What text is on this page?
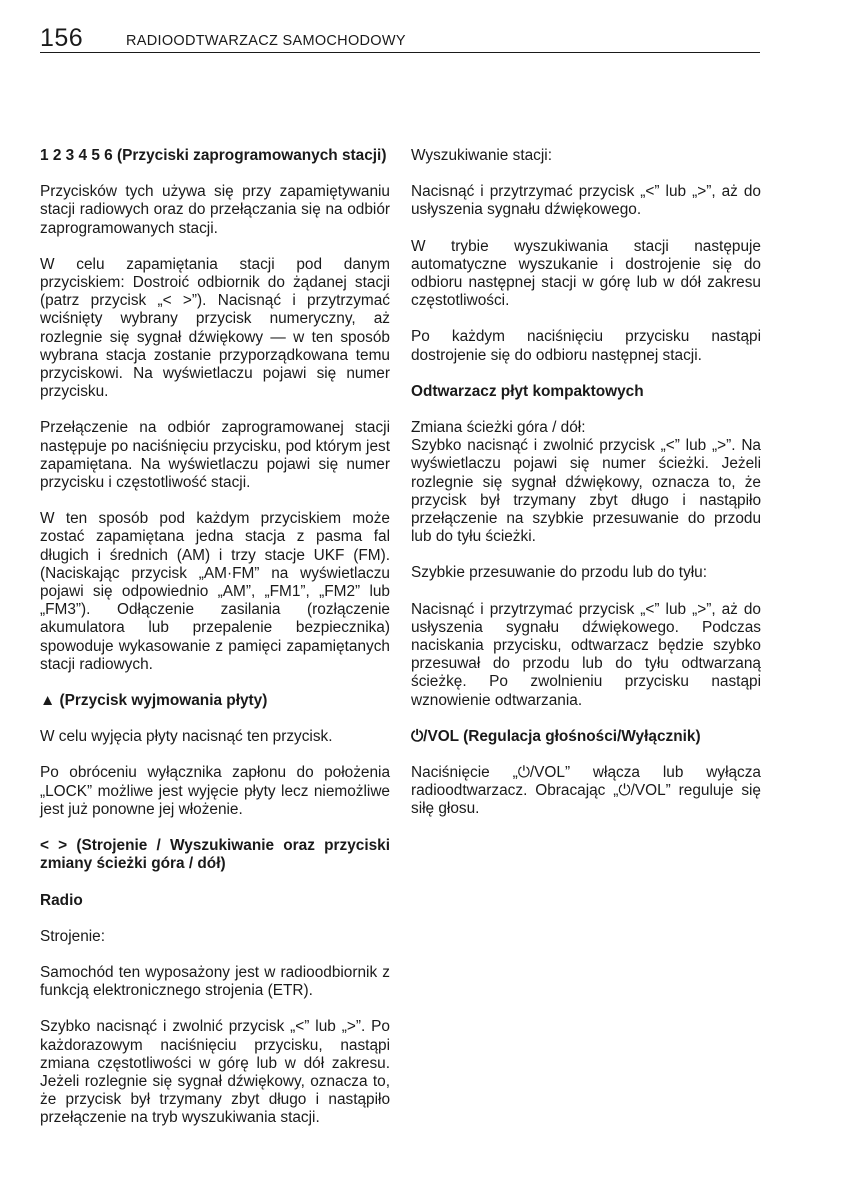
156	RADIOODTWARZACZ SAMOCHODOWY

1 2 3 4 5 6 (Przyciski zaprogramowanych stacji)

Przycisków tych używa się przy zapamiętywaniu stacji radiowych oraz do przełączania się na odbiór zaprogramowanych stacji.

W celu zapamiętania stacji pod danym przyciskiem: Dostroić odbiornik do żądanej stacji (patrz przycisk „< >”). Nacisnąć i przytrzymać wciśnięty wybrany przycisk numeryczny, aż rozlegnie się sygnał dźwiękowy — w ten sposób wybrana stacja zostanie przyporządkowana temu przyciskowi. Na wyświetlaczu pojawi się numer przycisku.

Przełączenie na odbiór zaprogramowanej stacji następuje po naciśnięciu przycisku, pod którym jest zapamiętana. Na wyświetlaczu pojawi się numer przycisku i częstotliwość stacji.

W ten sposób pod każdym przyciskiem może zostać zapamiętana jedna stacja z pasma fal długich i średnich (AM) i trzy stacje UKF (FM). (Naciskając przycisk „AM·FM” na wyświetlaczu pojawi się odpowiednio „AM”, „FM1”, „FM2” lub „FM3”). Odłączenie zasilania (rozłączenie akumulatora lub przepalenie bezpiecznika) spowoduje wykasowanie z pamięci zapamiętanych stacji radiowych.

▲ (Przycisk wyjmowania płyty)

W celu wyjęcia płyty nacisnąć ten przycisk.

Po obróceniu wyłącznika zapłonu do położenia „LOCK” możliwe jest wyjęcie płyty lecz niemożliwe jest już ponowne jej włożenie.

< > (Strojenie / Wyszukiwanie oraz przyciski zmiany ścieżki góra / dół)

Radio

Strojenie:

Samochód ten wyposażony jest w radioodbiornik z funkcją elektronicznego strojenia (ETR).

Szybko nacisnąć i zwolnić przycisk „<” lub „>”. Po każdorazowym naciśnięciu przycisku, nastąpi zmiana częstotliwości w górę lub w dół zakresu. Jeżeli rozlegnie się sygnał dźwiękowy, oznacza to, że przycisk był trzymany zbyt długo i nastąpiło przełączenie na tryb wyszukiwania stacji.

Wyszukiwanie stacji:

Nacisnąć i przytrzymać przycisk „<” lub „>”, aż do usłyszenia sygnału dźwiękowego.

W trybie wyszukiwania stacji następuje automatyczne wyszukanie i dostrojenie się do odbioru następnej stacji w górę lub w dół zakresu częstotliwości.

Po każdym naciśnięciu przycisku nastąpi dostrojenie się do odbioru następnej stacji.

Odtwarzacz płyt kompaktowych

Zmiana ścieżki góra / dół:

Szybko nacisnąć i zwolnić przycisk „<” lub „>”. Na wyświetlaczu pojawi się numer ścieżki. Jeżeli rozlegnie się sygnał dźwiękowy, oznacza to, że przycisk był trzymany zbyt długo i nastąpiło przełączenie na szybkie przesuwanie do przodu lub do tyłu ścieżki.

Szybkie przesuwanie do przodu lub do tyłu:

Nacisnąć i przytrzymać przycisk „<” lub „>”, aż do usłyszenia sygnału dźwiękowego. Podczas naciskania przycisku, odtwarzacz będzie szybko przesuwał do przodu lub do tyłu odtwarzaną ścieżkę. Po zwolnieniu przycisku nastąpi wznowienie odtwarzania.

⏻/VOL (Regulacja głośności/Wyłącznik)

Naciśnięcie „⏻/VOL” włącza lub wyłącza radioodtwarzacz. Obracając „⏻/VOL” reguluje się siłę głosu.
